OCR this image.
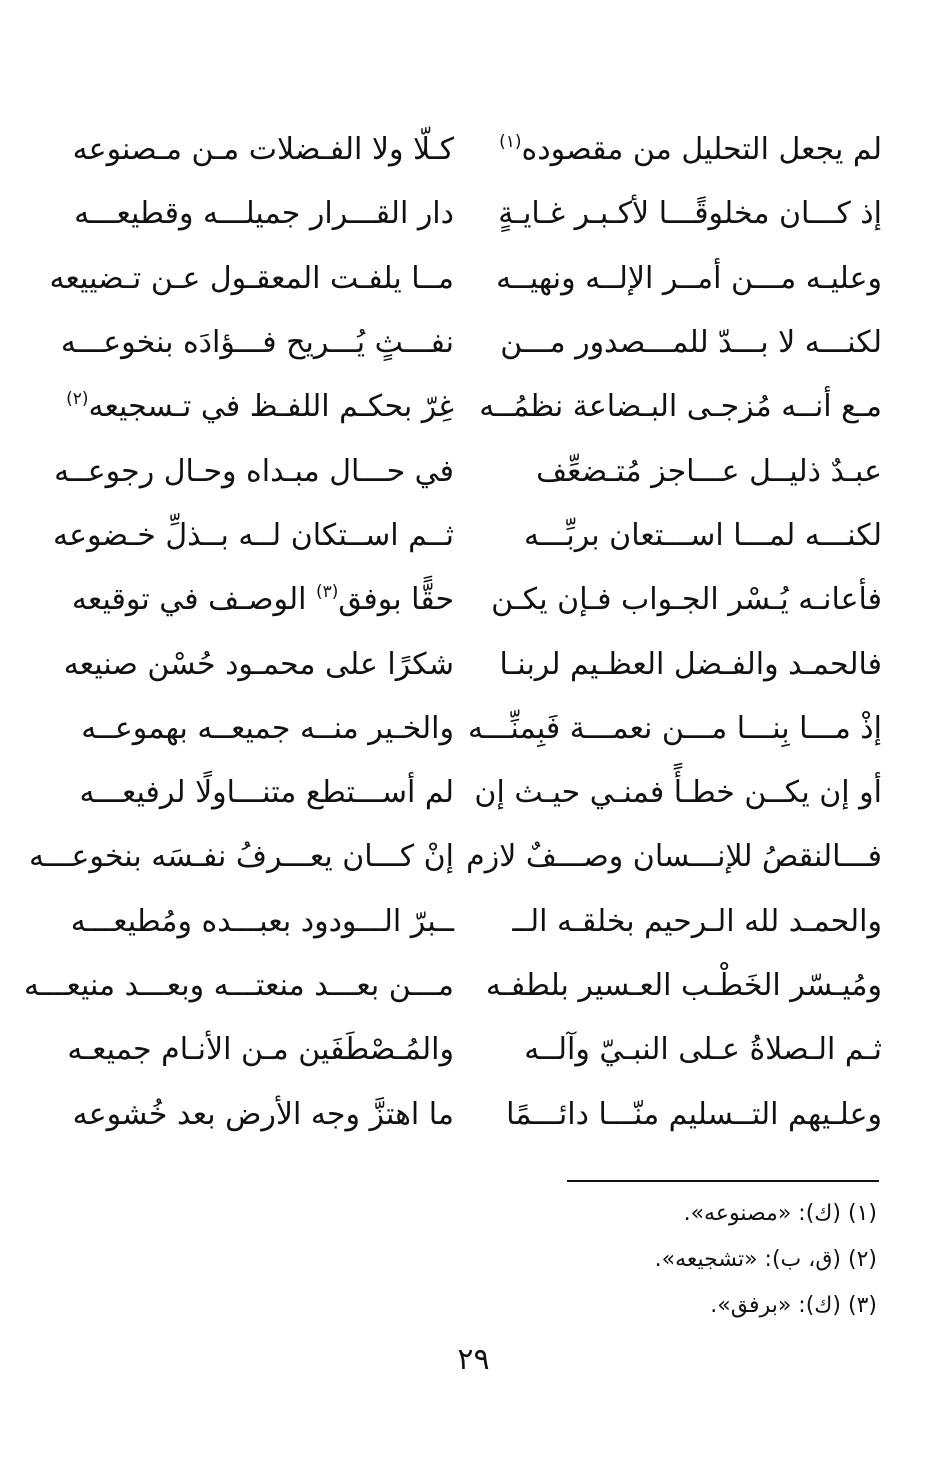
لم يجعل التحليل من مقصوده$^{(١)}$
كـلّا ولا الفـضلات مـن مـصنوعه
إذ كـــان مخلوقًـــا لأكـبـر غـايـةٍ
دار القـــرار جميلـــه وقطيعـــه
وعليـه مـــن أمــر الإلــه ونهيــه
مــا يلفـت المعقـول عـن تـضييعه
لكنـــه لا بـــدّ للمـــصدور مـــن
نفـــثٍ يُـــريح فـــؤادَه بنخوعـــه
مـع أنــه مُزجـى البـضاعة نظمُــه
غِرّ بحكـم اللفـظ في تـسجيعه$^{(٢)}$
عبـدٌ ذليــل عـــاجز مُتـضعِّف
في حـــال مبـداه وحـال رجوعــه
لكنـــه لمـــا اســـتعان بربِّـــه
ثــم اســتكان لــه بــذلِّ خـضوعه
فأعانـه يُـسْر الجـواب فـإن يكـن
حقًّا بوفق$^{(٣)}$ الوصـف في توقيعه
فالحمـد والفـضل العظـيم لربنـا
شكرًا على محمـود حُسْن صنيعه
إذْ مـــا بِنـــا مـــن نعمـــة فَبِمنِّـــه
والخـير منــه جميعــه بهموعــه
أو إن يكــن خطـأً فمنـي حيـث إن
لم أســـتطع متنـــاولًا لرفيعـــه
فـــالنقصُ للإنـــسان وصـــفٌ لازم
إنْ كـــان يعـــرفُ نفـسَه بنخوعـــه
والحمـد لله الـرحيم بخلقـه الــ
ــبرّ الـــودود بعبـــده ومُطيعـــه
ومُيـسّر الخَطْـب العـسير بلطفـه
مـــن بعـــد منعتـــه وبعـــد منيعـــه
ثـم الـصلاةُ عـلى النبـيّ وآلــه
والمُـصْطَفَين مـن الأنـام جميعـه
وعلـيهم التــسليم منّـــا دائـــمًا
ما اهتزَّ وجه الأرض بعد خُشوعه
(١) (ك): «مصنوعه».
(٢) (ق، ب): «تشجيعه».
(٣) (ك): «برفق».
٢٩
